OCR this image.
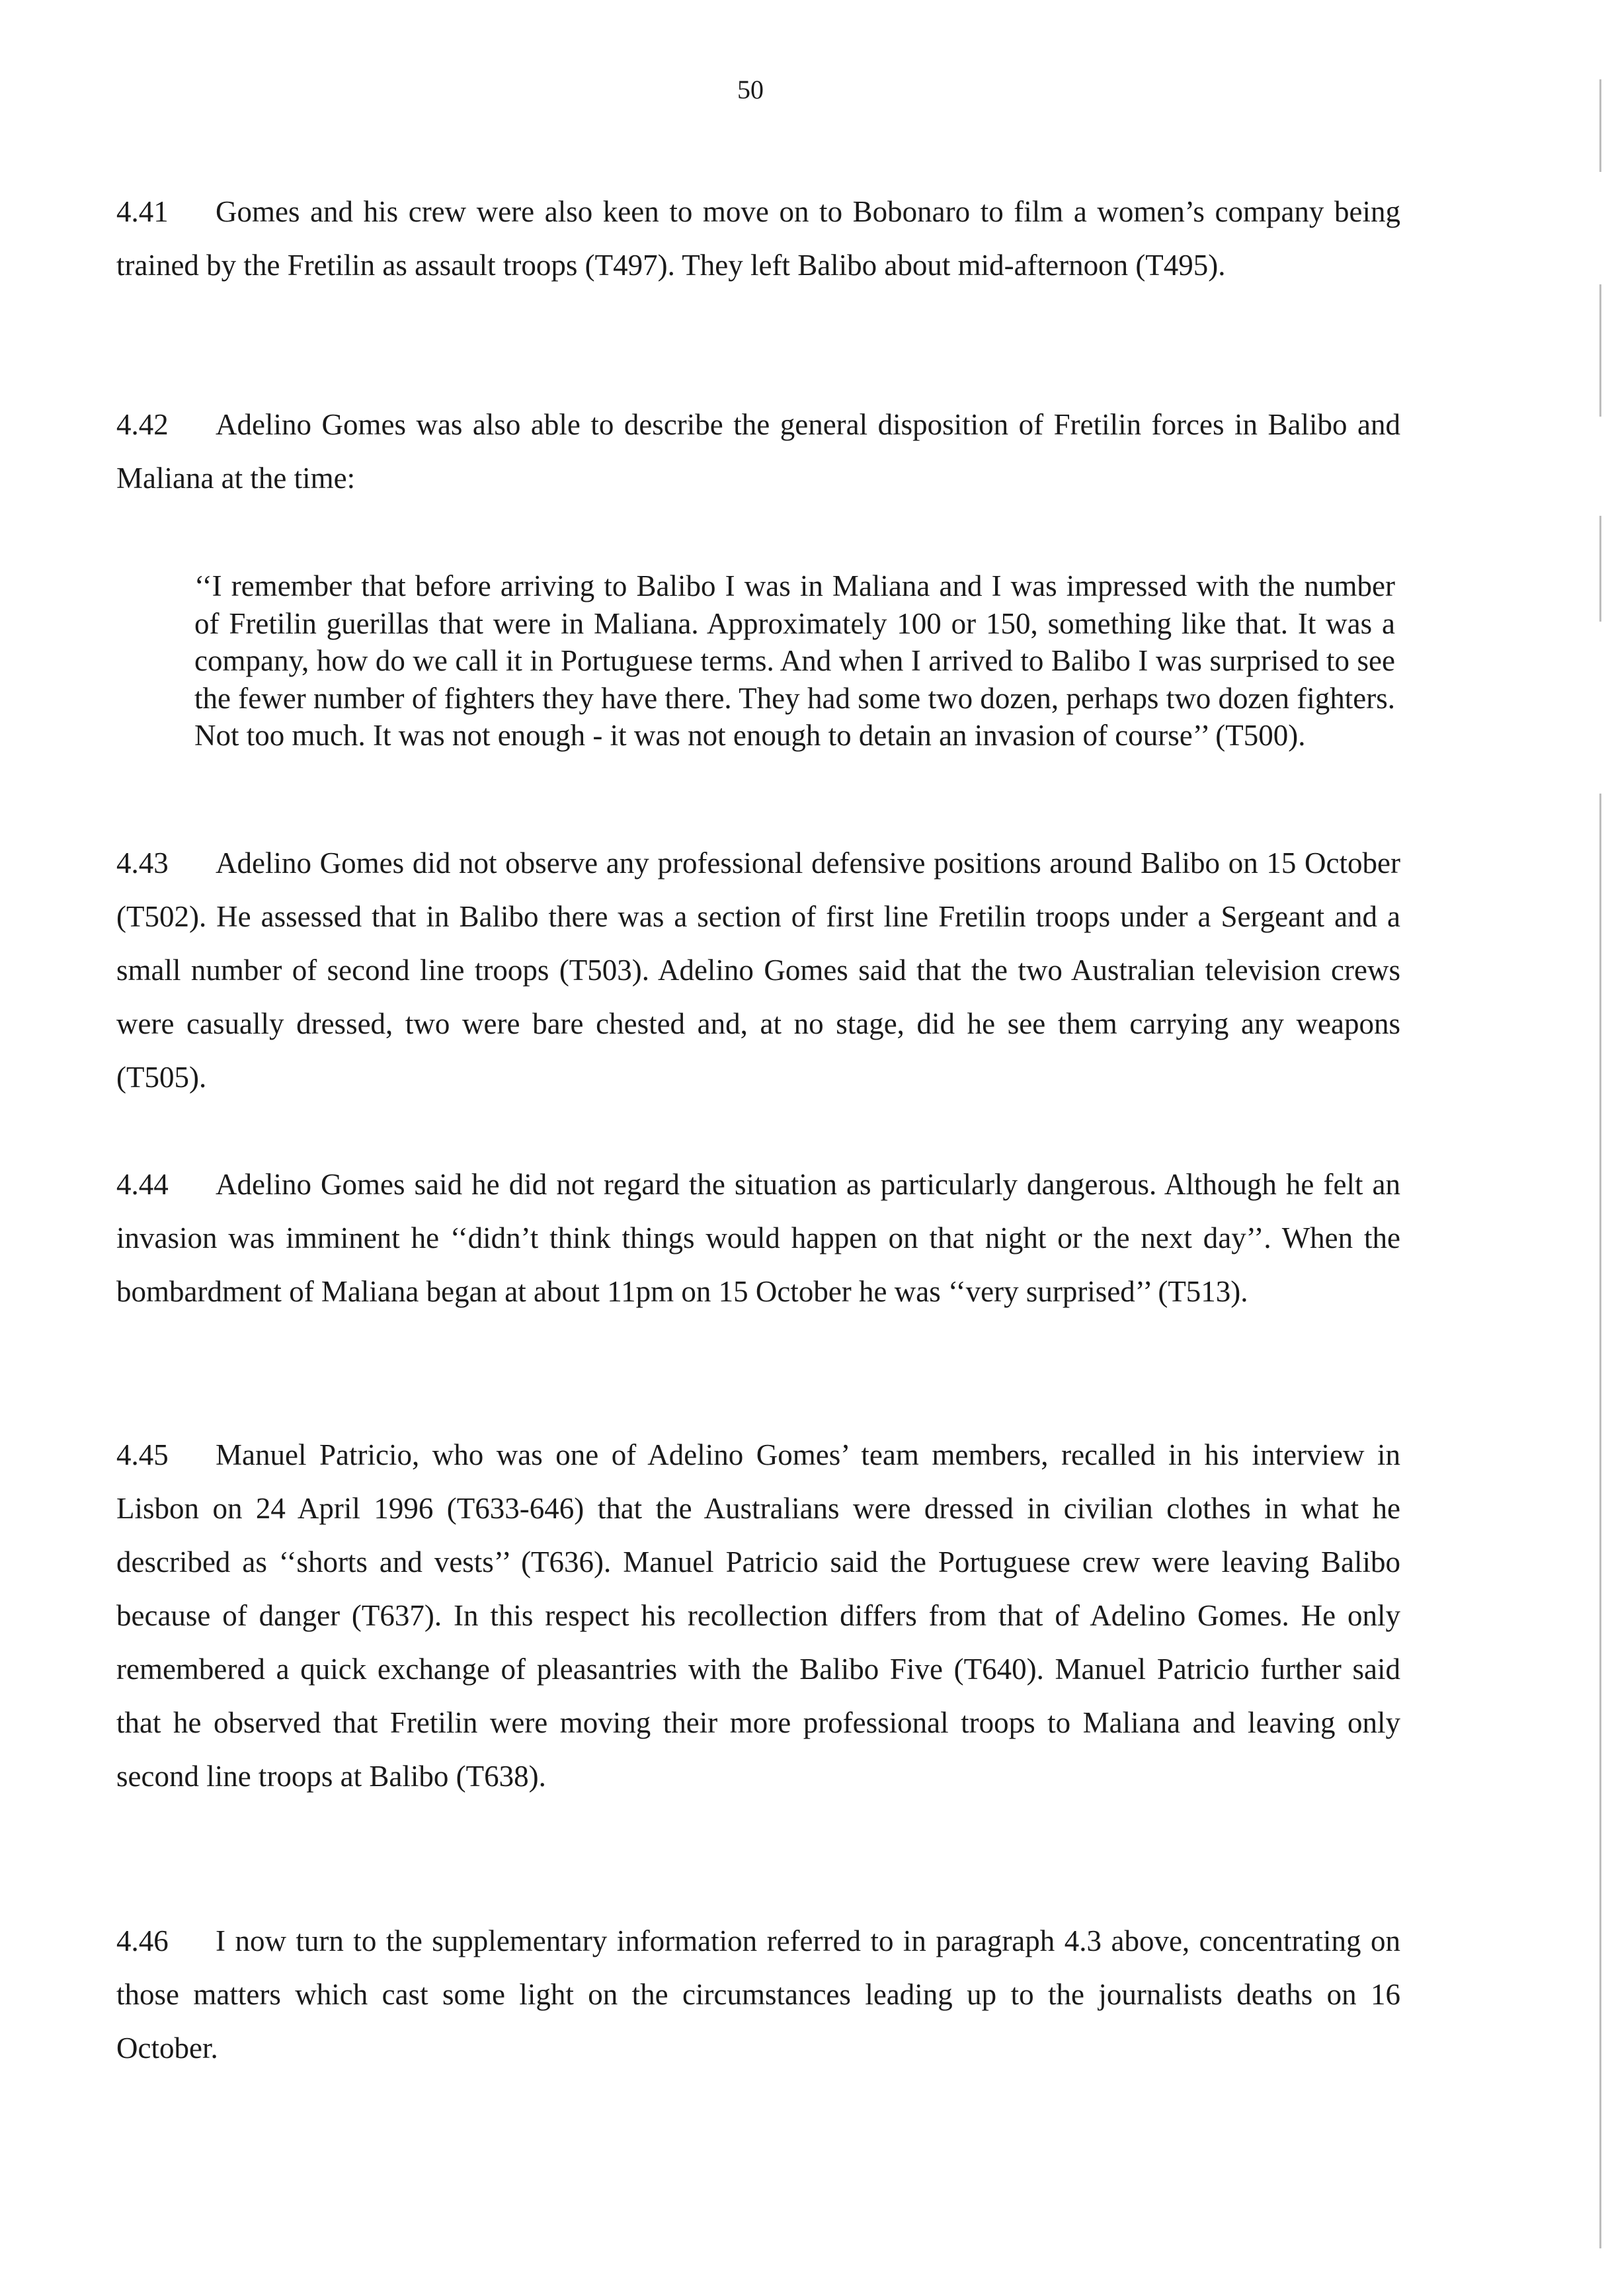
50

4.41 Gomes and his crew were also keen to move on to Bobonaro to film a women’s company being trained by the Fretilin as assault troops (T497). They left Balibo about mid-afternoon (T495).

4.42 Adelino Gomes was also able to describe the general disposition of Fretilin forces in Balibo and Maliana at the time:

‘‘I remember that before arriving to Balibo I was in Maliana and I was impressed with the number of Fretilin guerillas that were in Maliana. Approximately 100 or 150, something like that. It was a company, how do we call it in Portuguese terms. And when I arrived to Balibo I was surprised to see the fewer number of fighters they have there. They had some two dozen, perhaps two dozen fighters. Not too much. It was not enough - it was not enough to detain an invasion of course’’ (T500).

4.43 Adelino Gomes did not observe any professional defensive positions around Balibo on 15 October (T502). He assessed that in Balibo there was a section of first line Fretilin troops under a Sergeant and a small number of second line troops (T503). Adelino Gomes said that the two Australian television crews were casually dressed, two were bare chested and, at no stage, did he see them carrying any weapons (T505).

4.44 Adelino Gomes said he did not regard the situation as particularly dangerous. Although he felt an invasion was imminent he ‘‘didn’t think things would happen on that night or the next day’’. When the bombardment of Maliana began at about 11pm on 15 October he was ‘‘very surprised’’ (T513).

4.45 Manuel Patricio, who was one of Adelino Gomes’ team members, recalled in his interview in Lisbon on 24 April 1996 (T633-646) that the Australians were dressed in civilian clothes in what he described as ‘‘shorts and vests’’ (T636). Manuel Patricio said the Portuguese crew were leaving Balibo because of danger (T637). In this respect his recollection differs from that of Adelino Gomes. He only remembered a quick exchange of pleasantries with the Balibo Five (T640). Manuel Patricio further said that he observed that Fretilin were moving their more professional troops to Maliana and leaving only second line troops at Balibo (T638).

4.46 I now turn to the supplementary information referred to in paragraph 4.3 above, concentrating on those matters which cast some light on the circumstances leading up to the journalists deaths on 16 October.
